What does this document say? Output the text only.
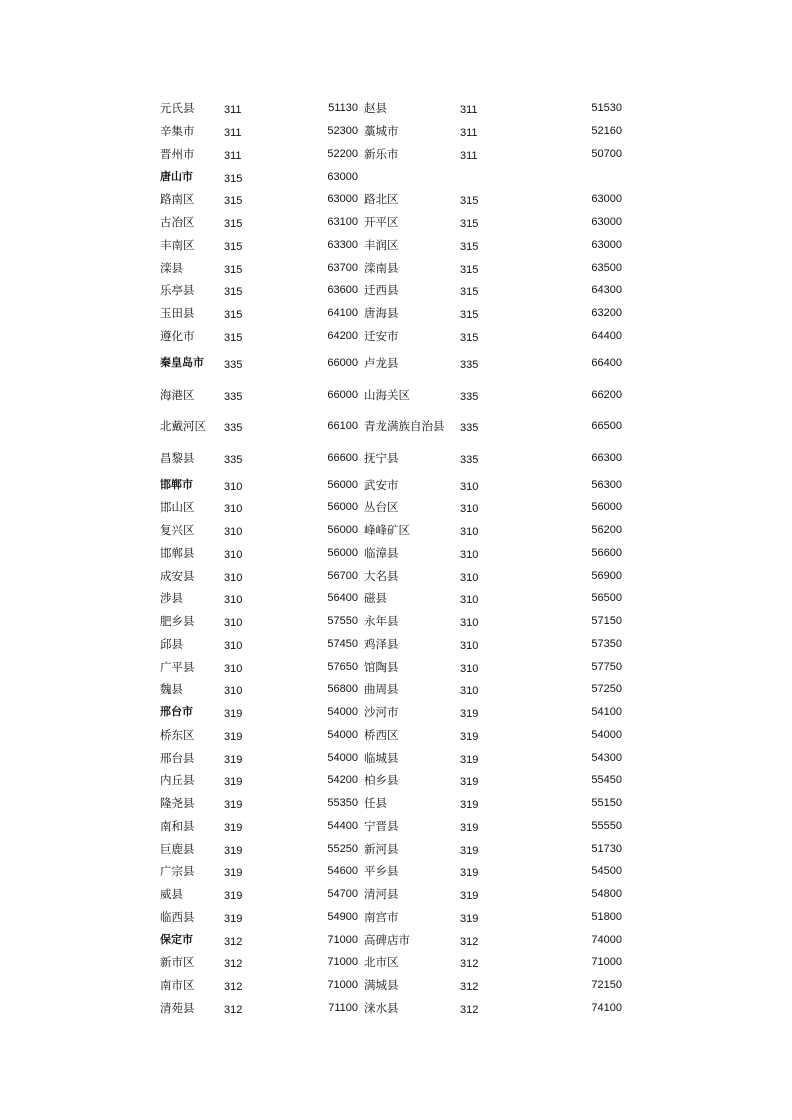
元氏县	311	51130 赵县	311	51530
辛集市	311	52300 藁城市	311	52160
晋州市	311	52200 新乐市	311	50700
唐山市	315	63000
路南区	315	63000 路北区	315	63000
古冶区	315	63100 开平区	315	63000
丰南区	315	63300 丰润区	315	63000
滦县	315	63700 滦南县	315	63500
乐亭县	315	63600 迁西县	315	64300
玉田县	315	64100 唐海县	315	63200
遵化市	315	64200 迁安市	315	64400
秦皇岛市 335	66000 卢龙县	335	66400
海港区	335	66000 山海关区	335	66200
北戴河区 335	66100 青龙满族自治县 335	66500
昌黎县	335	66600 抚宁县	335	66300
邯郸市	310	56000 武安市	310	56300
邯山区	310	56000 丛台区	310	56000
复兴区	310	56000 峰峰矿区	310	56200
邯郸县	310	56000 临漳县	310	56600
成安县	310	56700 大名县	310	56900
涉县	310	56400 磁县	310	56500
肥乡县	310	57550 永年县	310	57150
邱县	310	57450 鸡泽县	310	57350
广平县	310	57650 馆陶县	310	57750
魏县	310	56800 曲周县	310	57250
邢台市	319	54000 沙河市	319	54100
桥东区	319	54000 桥西区	319	54000
邢台县	319	54000 临城县	319	54300
内丘县	319	54200 柏乡县	319	55450
隆尧县	319	55350 任县	319	55150
南和县	319	54400 宁晋县	319	55550
巨鹿县	319	55250 新河县	319	51730
广宗县	319	54600 平乡县	319	54500
威县	319	54700 清河县	319	54800
临西县	319	54900 南宫市	319	51800
保定市	312	71000 高碑店市	312	74000
新市区	312	71000 北市区	312	71000
南市区	312	71000 满城县	312	72150
清苑县	312	71100 涞水县	312	74100
